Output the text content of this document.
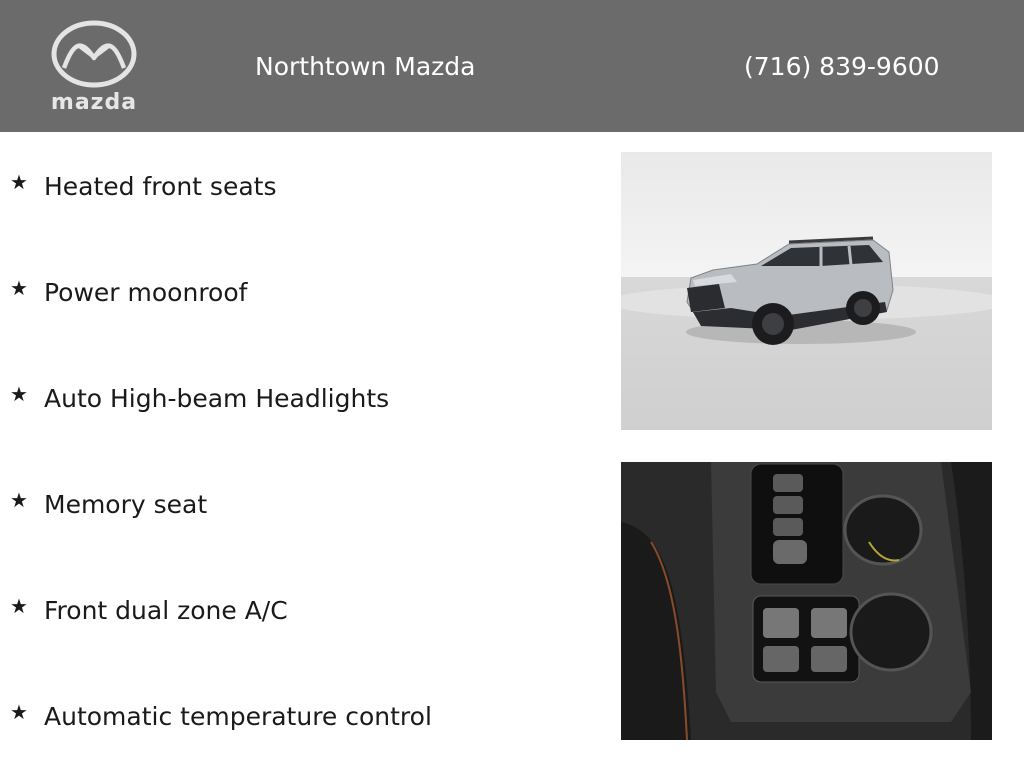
mazda
Northtown Mazda	(716) 839-9600
★ Heated front seats
★ Power moonroof
★ Auto High-beam Headlights
★ Memory seat
★ Front dual zone A/C
★ Automatic temperature control
